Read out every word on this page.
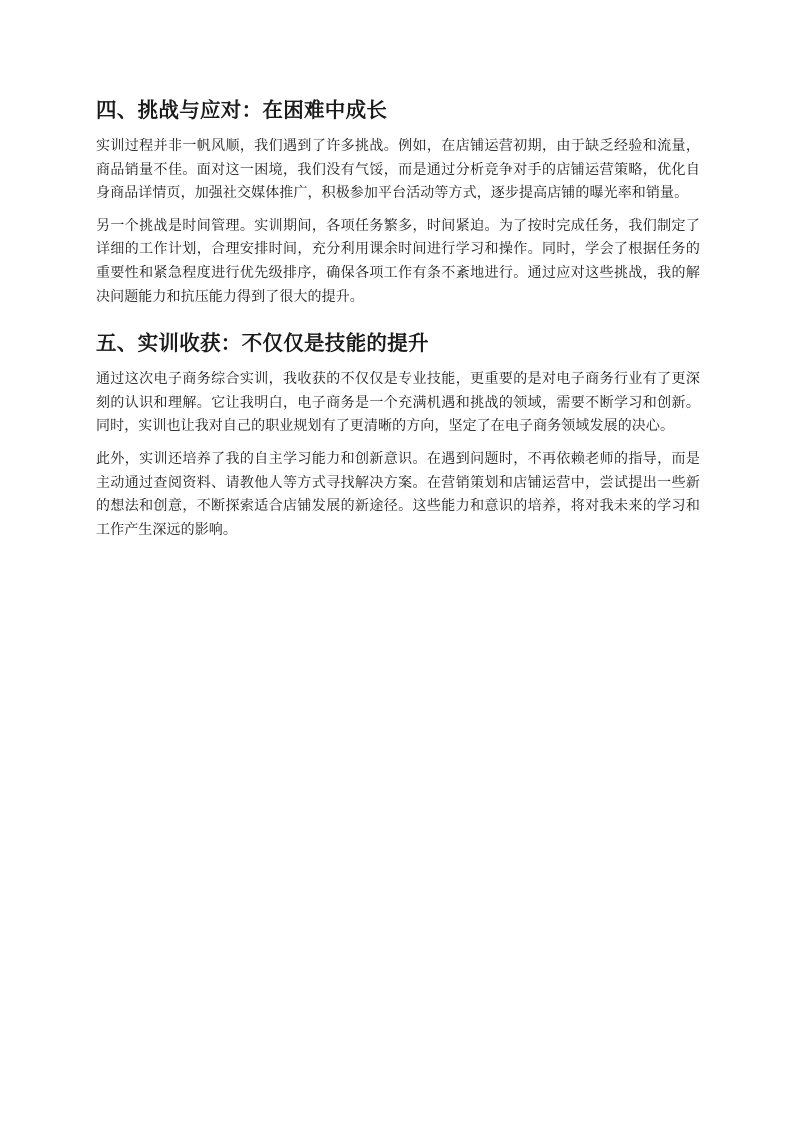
四、挑战与应对：在困难中成长

实训过程并非一帆风顺，我们遇到了许多挑战。例如，在店铺运营初期，由于缺乏经验和流量，商品销量不佳。面对这一困境，我们没有气馁，而是通过分析竞争对手的店铺运营策略，优化自身商品详情页，加强社交媒体推广，积极参加平台活动等方式，逐步提高店铺的曝光率和销量。

另一个挑战是时间管理。实训期间，各项任务繁多，时间紧迫。为了按时完成任务，我们制定了详细的工作计划，合理安排时间，充分利用课余时间进行学习和操作。同时，学会了根据任务的重要性和紧急程度进行优先级排序，确保各项工作有条不紊地进行。通过应对这些挑战，我的解决问题能力和抗压能力得到了很大的提升。

五、实训收获：不仅仅是技能的提升

通过这次电子商务综合实训，我收获的不仅仅是专业技能，更重要的是对电子商务行业有了更深刻的认识和理解。它让我明白，电子商务是一个充满机遇和挑战的领域，需要不断学习和创新。同时，实训也让我对自己的职业规划有了更清晰的方向，坚定了在电子商务领域发展的决心。

此外，实训还培养了我的自主学习能力和创新意识。在遇到问题时，不再依赖老师的指导，而是主动通过查阅资料、请教他人等方式寻找解决方案。在营销策划和店铺运营中，尝试提出一些新的想法和创意，不断探索适合店铺发展的新途径。这些能力和意识的培养，将对我未来的学习和工作产生深远的影响。
